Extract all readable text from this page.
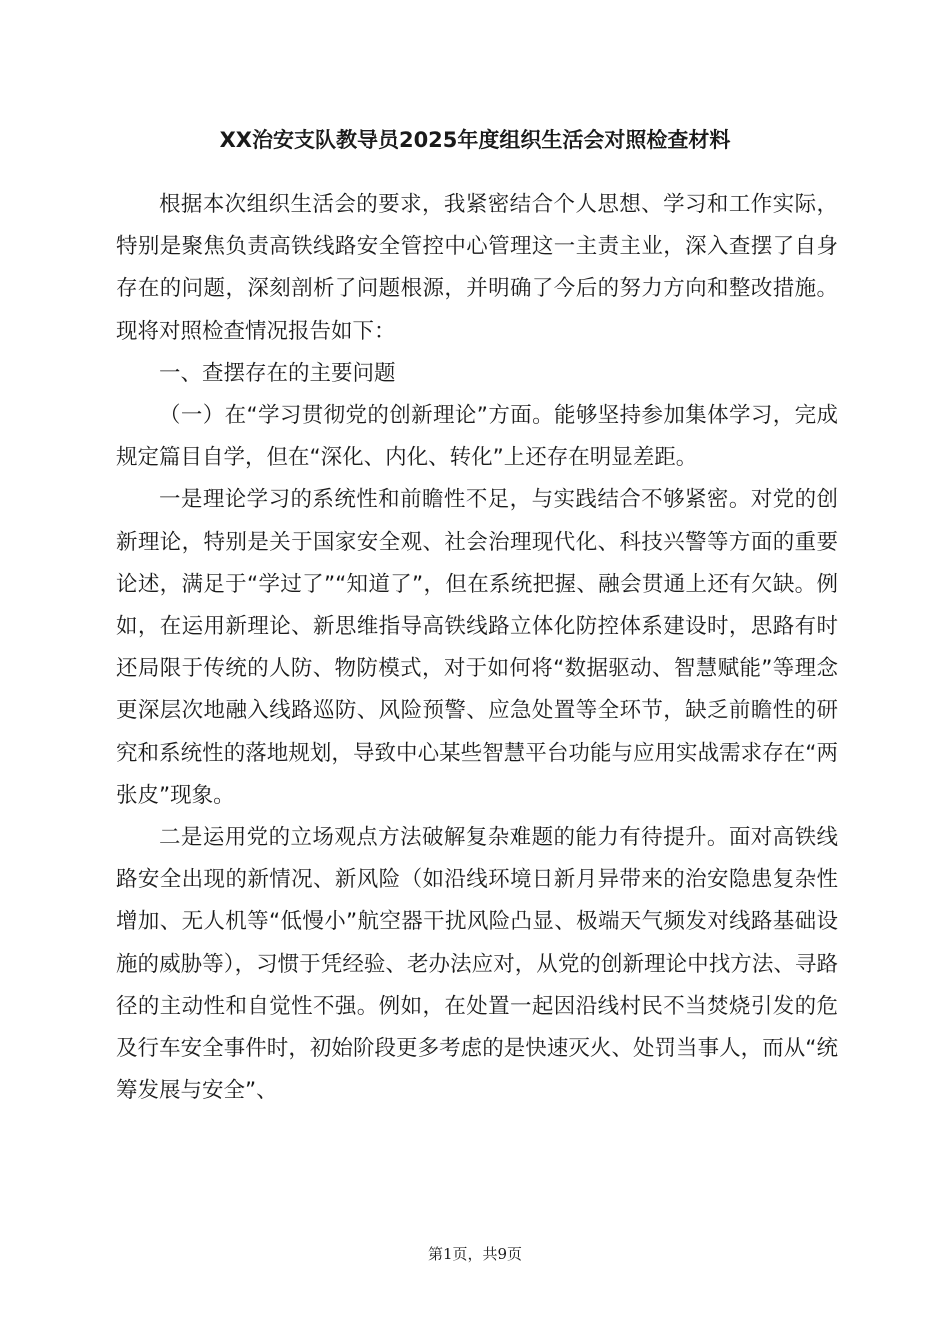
XX治安支队教导员2025年度组织生活会对照检查材料

根据本次组织生活会的要求，我紧密结合个人思想、学习和工作实际，特别是聚焦负责高铁线路安全管控中心管理这一主责主业，深入查摆了自身存在的问题，深刻剖析了问题根源，并明确了今后的努力方向和整改措施。现将对照检查情况报告如下：

一、查摆存在的主要问题

（一）在“学习贯彻党的创新理论”方面。能够坚持参加集体学习，完成规定篇目自学，但在“深化、内化、转化”上还存在明显差距。

一是理论学习的系统性和前瞻性不足，与实践结合不够紧密。对党的创新理论，特别是关于国家安全观、社会治理现代化、科技兴警等方面的重要论述，满足于“学过了”“知道了”，但在系统把握、融会贯通上还有欠缺。例如，在运用新理论、新思维指导高铁线路立体化防控体系建设时，思路有时还局限于传统的人防、物防模式，对于如何将“数据驱动、智慧赋能”等理念更深层次地融入线路巡防、风险预警、应急处置等全环节，缺乏前瞻性的研究和系统性的落地规划，导致中心某些智慧平台功能与应用实战需求存在“两张皮”现象。

二是运用党的立场观点方法破解复杂难题的能力有待提升。面对高铁线路安全出现的新情况、新风险（如沿线环境日新月异带来的治安隐患复杂性增加、无人机等“低慢小”航空器干扰风险凸显、极端天气频发对线路基础设施的威胁等），习惯于凭经验、老办法应对，从党的创新理论中找方法、寻路径的主动性和自觉性不强。例如，在处置一起因沿线村民不当焚烧引发的危及行车安全事件时，初始阶段更多考虑的是快速灭火、处罚当事人，而从“统筹发展与安全”、

第1页，共9页
